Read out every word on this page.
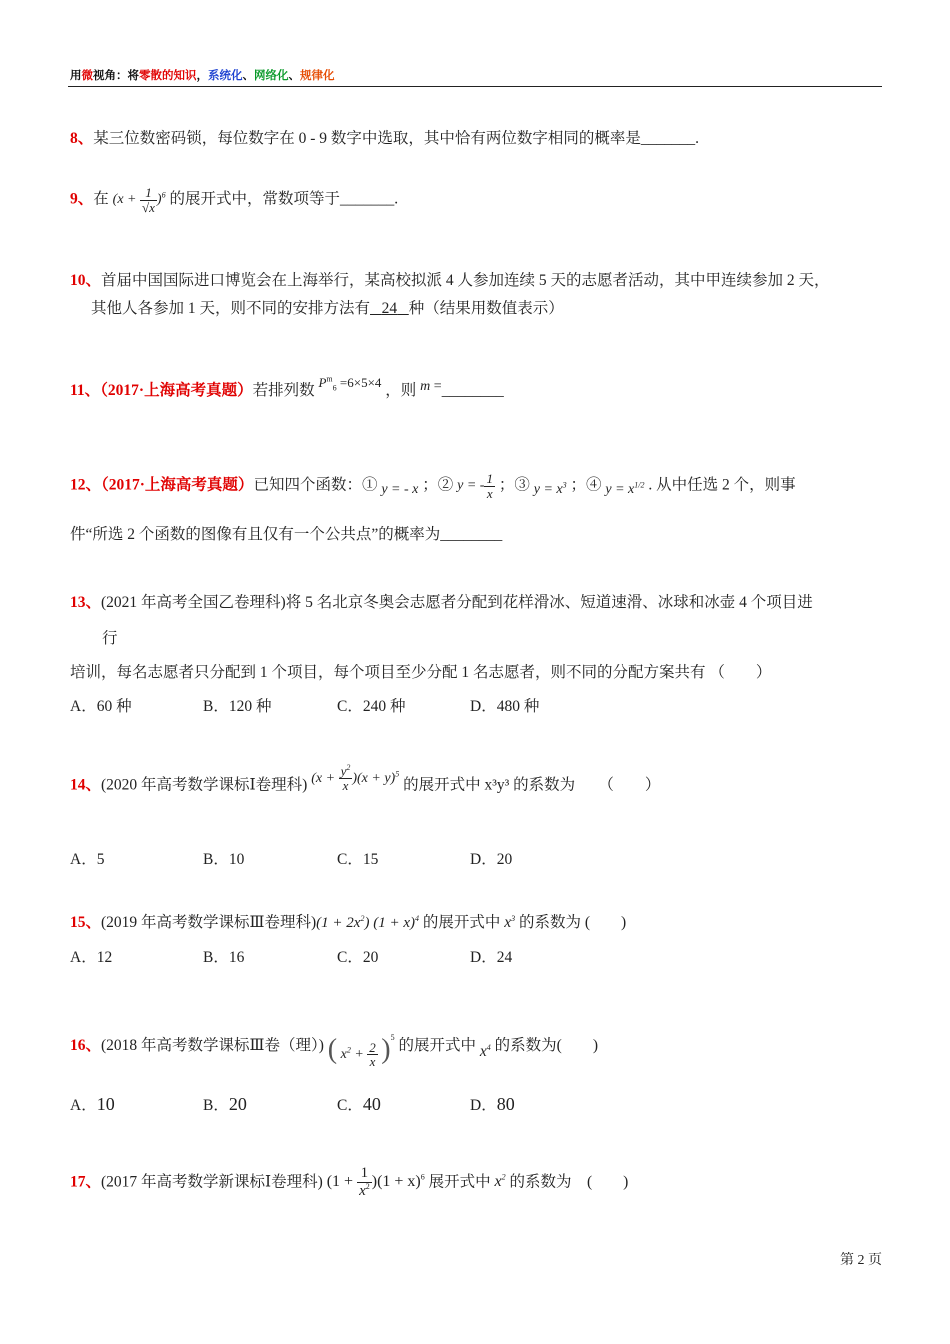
用微视角：将零散的知识，系统化、网络化、规律化
8、某三位数密码锁，每位数字在 0 - 9 数字中选取，其中恰有两位数字相同的概率是_______.
9、在 $(x + \frac{1}{√x} )^6$ 的展开式中，常数项等于_______.
10、首届中国国际进口博览会在上海举行，某高校拟派 4 人参加连续 5 天的志愿者活动，其中甲连续参加 2 天，
其他人各参加 1 天，则不同的安排方法有 24 种（结果用数值表示）
11、（2017·上海高考真题）若排列数 $^{P^m_6 =6\times 5\times 4}$ ，则 m =________
12、（2017·上海高考真题）已知四个函数：① y = - x ；② y = - $\frac{1}{x}$ ；③ $y = x^3$ ；④ $y = x^{1/2}$ . 从中任选 2 个，则事
件“所选 2 个函数的图像有且仅有一个公共点”的概率为________
13、(2021 年高考全国乙卷理科)将 5 名北京冬奥会志愿者分配到花样滑冰、短道速滑、冰球和冰壶 4 个项目进
行
培训，每名志愿者只分配到 1 个项目，每个项目至少分配 1 名志愿者，则不同的分配方案共有 （　　）
A．60 种	B．120 种	C．240 种	D．480 种
14、(2020 年高考数学课标Ⅰ卷理科) $(x + \frac{y^2}{x} )(x + y)^5$ 的展开式中 x³y³ 的系数为　　（　　）
A．5	B．10	C．15	D．20
15、(2019 年高考数学课标Ⅲ卷理科)$(1 + 2x^2)$ $(1 + x)^4$ 的展开式中 $x^3$ 的系数为 (　　)
A．12	B．16	C．20	D．24
16、(2018 年高考数学课标Ⅲ卷（理）) ( $x^2 + \frac{2}{x} )^5$ 的展开式中 $x^4$ 的系数为(　　)
A．10	B．20	C．40	D．80
17、(2017 年高考数学新课标Ⅰ卷理科) $(1 + \frac{1}{x^2} )(1 + x)^6$ 展开式中 $x^2$ 的系数为　(　　)
第 2 页
